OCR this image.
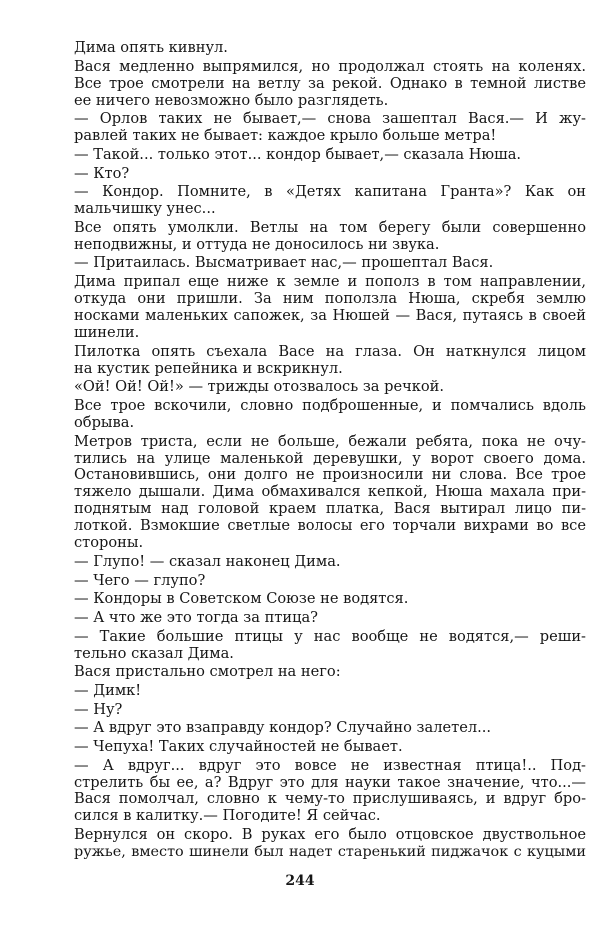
Дима опять кивнул.
Вася медленно выпрямился, но продолжал стоять на коленях.
Все трое смотрели на ветлу за рекой. Однако в темной листве
ее ничего невозможно было разглядеть.
— Орлов таких не бывает,— снова зашептал Вася.— И жу-
равлей таких не бывает: каждое крыло больше метра!
— Такой... только этот... кондор бывает,— сказала Нюша.
— Кто?
— Кондор. Помните, в «Детях капитана Гранта»? Как он
мальчишку унес...
Все опять умолкли. Ветлы на том берегу были совершенно
неподвижны, и оттуда не доносилось ни звука.
— Притаилась. Высматривает нас,— прошептал Вася.
Дима припал еще ниже к земле и пополз в том направлении,
откуда они пришли. За ним поползла Нюша, скребя землю
носками маленьких сапожек, за Нюшей — Вася, путаясь в своей
шинели.
Пилотка опять съехала Васе на глаза. Он наткнулся лицом
на кустик репейника и вскрикнул.
«Ой! Ой! Ой!» — трижды отозвалось за речкой.
Все трое вскочили, словно подброшенные, и помчались вдоль
обрыва.
Метров триста, если не больше, бежали ребята, пока не очу-
тились на улице маленькой деревушки, у ворот своего дома.
Остановившись, они долго не произносили ни слова. Все трое
тяжело дышали. Дима обмахивался кепкой, Нюша махала при-
поднятым над головой краем платка, Вася вытирал лицо пи-
лоткой. Взмокшие светлые волосы его торчали вихрами во все
стороны.
— Глупо! — сказал наконец Дима.
— Чего — глупо?
— Кондоры в Советском Союзе не водятся.
— А что же это тогда за птица?
— Такие большие птицы у нас вообще не водятся,— реши-
тельно сказал Дима.
Вася пристально смотрел на него:
— Димк!
— Ну?
— А вдруг это взаправду кондор? Случайно залетел...
— Чепуха! Таких случайностей не бывает.
— А вдруг... вдруг это вовсе не известная птица!.. Под-
стрелить бы ее, а? Вдруг это для науки такое значение, что...—
Вася помолчал, словно к чему-то прислушиваясь, и вдруг бро-
сился в калитку.— Погодите! Я сейчас.
Вернулся он скоро. В руках его было отцовское двуствольное
ружье, вместо шинели был надет старенький пиджачок с куцыми
244
